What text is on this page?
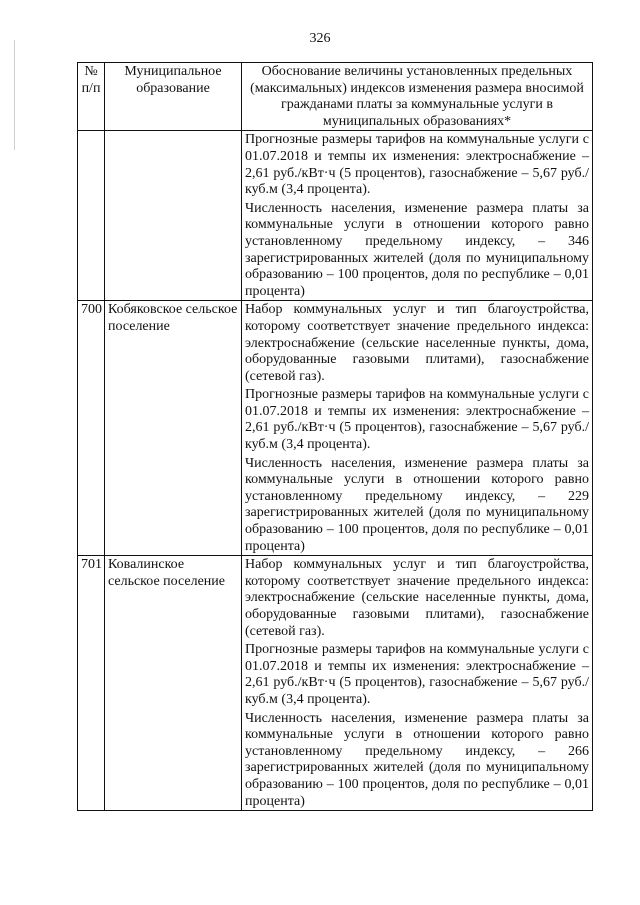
326
№ п/п	Муниципальное образование	Обоснование величины установленных предельных (максимальных) индексов изменения размера вносимой гражданами платы за коммунальные услуги в муниципальных образованиях*

		Прогнозные размеры тарифов на коммунальные услуги с 01.07.2018 и темпы их изменения: электроснабжение – 2,61 руб./кВт·ч (5 процентов), газоснабжение – 5,67 руб./куб.м (3,4 процента).
Численность населения, изменение размера платы за коммунальные услуги в отношении которого равно установленному предельному индексу, – 346 зарегистрированных жителей (доля по муниципальному образованию – 100 процентов, доля по республике – 0,01 процента)

700	Кобяковское сельское поселение	Набор коммунальных услуг и тип благоустройства, которому соответствует значение предельного индекса: электроснабжение (сельские населенные пункты, дома, оборудованные газовыми плитами), газоснабжение (сетевой газ).
Прогнозные размеры тарифов на коммунальные услуги с 01.07.2018 и темпы их изменения: электроснабжение – 2,61 руб./кВт·ч (5 процентов), газоснабжение – 5,67 руб./куб.м (3,4 процента).
Численность населения, изменение размера платы за коммунальные услуги в отношении которого равно установленному предельному индексу, – 229 зарегистрированных жителей (доля по муниципальному образованию – 100 процентов, доля по республике – 0,01 процента)

701	Ковалинское сельское поселение	Набор коммунальных услуг и тип благоустройства, которому соответствует значение предельного индекса: электроснабжение (сельские населенные пункты, дома, оборудованные газовыми плитами), газоснабжение (сетевой газ).
Прогнозные размеры тарифов на коммунальные услуги с 01.07.2018 и темпы их изменения: электроснабжение – 2,61 руб./кВт·ч (5 процентов), газоснабжение – 5,67 руб./куб.м (3,4 процента).
Численность населения, изменение размера платы за коммунальные услуги в отношении которого равно установленному предельному индексу, – 266 зарегистрированных жителей (доля по муниципальному образованию – 100 процентов, доля по республике – 0,01 процента)
